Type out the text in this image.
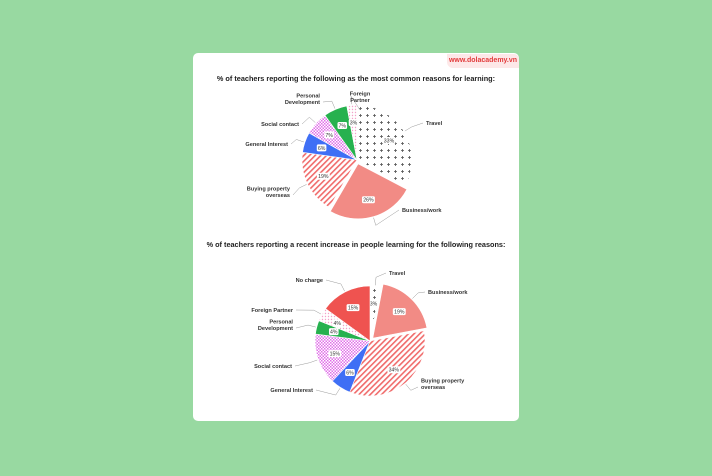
www.dolacademy.vn
% of teachers reporting the following as the most common reasons for learning:
% of teachers reporting a recent increase in people learning for the following reasons:
33%
Travel
26%
Business/work
19%
Buying property overseas
6%
General Interest
7%
Social contact	7%
Personal Development
3%
Foreign Partner
3%
Travel
19%
Business/work
34%
Buying property overseas
6%
General Interest
15%
Social contact
4%
Personal Development
4%
Foreign Partner	15%
No charge
